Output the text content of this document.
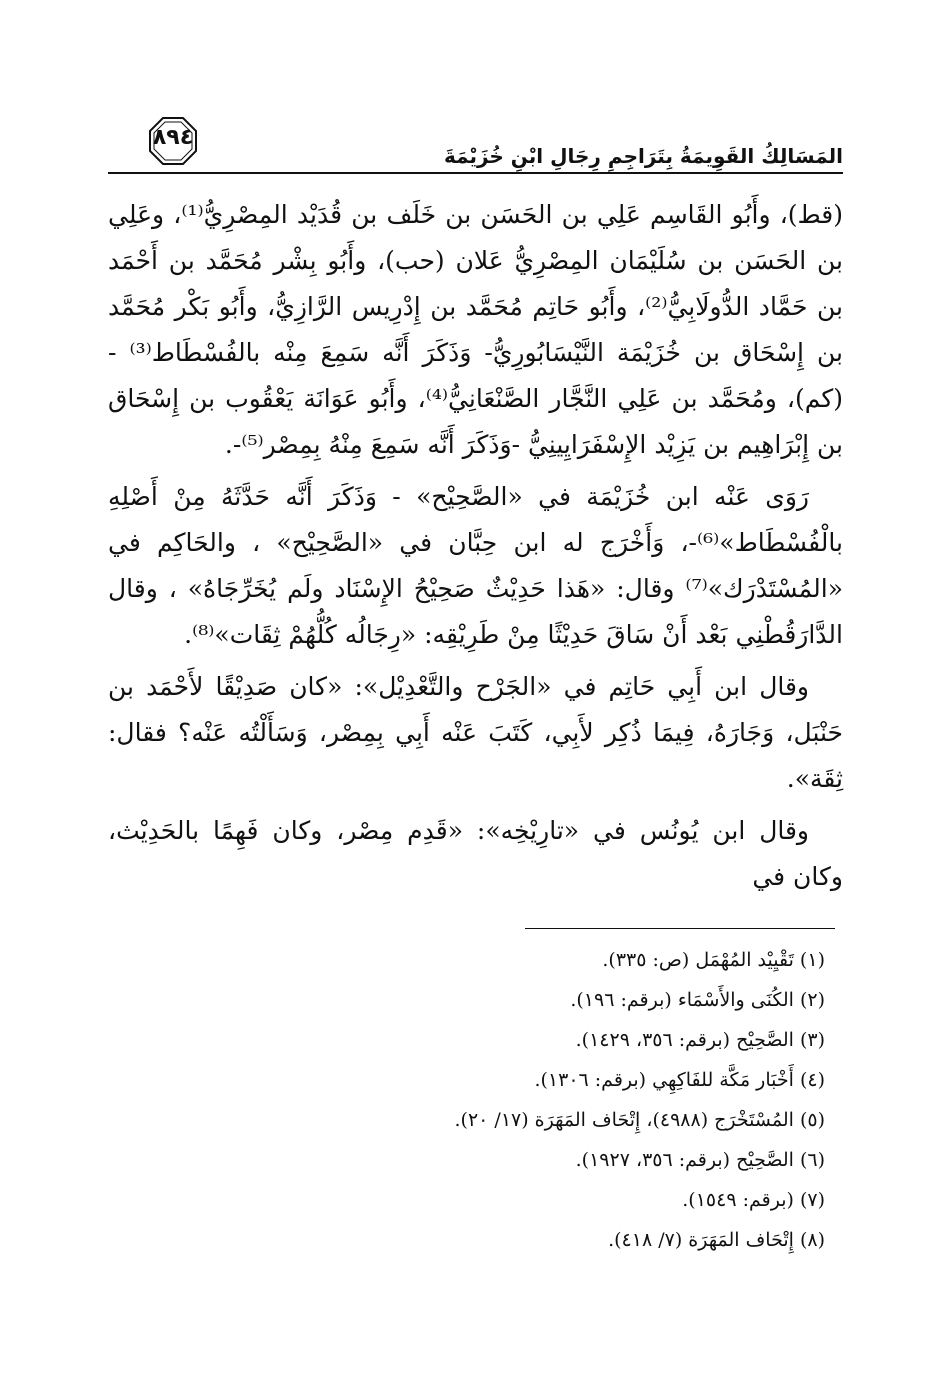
٨٩٤
المَسَالِكُ القَوِيمَةُ بِتَرَاجِمِ رِجَالِ ابْنِ خُزَيْمَةَ

(قط)، وأَبُو القَاسِم عَلِي بن الحَسَن بن خَلَف بن قُدَيْد المِصْرِيُّ⁽¹⁾، وعَلِي بن الحَسَن بن سُلَيْمَان المِصْرِيُّ عَلان (حب)، وأَبُو بِشْر مُحَمَّد بن أَحْمَد بن حَمَّاد الدُّولَابِيُّ⁽²⁾، وأَبُو حَاتِم مُحَمَّد بن إِدْرِيس الرَّازِيُّ، وأَبُو بَكْر مُحَمَّد بن إِسْحَاق بن خُزَيْمَة النَّيْسَابُورِيُّ- وَذَكَرَ أَنَّه سَمِعَ مِنْه بالفُسْطَاط⁽³⁾ -(كم)، ومُحَمَّد بن عَلِي النَّجَّار الصَّنْعَانِيُّ⁽⁴⁾، وأَبُو عَوَانَة يَعْقُوب بن إِسْحَاق بن إِبْرَاهِيم بن يَزِيْد الإِسْفَرَايِينِيُّ -وَذَكَرَ أَنَّه سَمِعَ مِنْهُ بِمِصْر⁽⁵⁾-.

رَوَى عَنْه ابن خُزَيْمَة في «الصَّحِيْح» - وَذَكَرَ أَنَّه حَدَّثَهُ مِنْ أَصْلِهِ بالْفُسْطَاط»⁽⁶⁾-، وَأَخْرَج له ابن حِبَّان في «الصَّحِيْح» ، والحَاكِم في «المُسْتَدْرَك»⁽⁷⁾ وقال: «هَذا حَدِيْثٌ صَحِيْحُ الإِسْنَاد ولَم يُخَرِّجَاهُ» ، وقال الدَّارَقُطْنِي بَعْد أَنْ سَاقَ حَدِيْثًا مِنْ طَرِيْقِه: «رِجَالُه كُلُّهُمْ ثِقَات»⁽⁸⁾.

وقال ابن أَبِي حَاتِم في «الجَرْح والتَّعْدِيْل»: «كان صَدِيْقًا لأَحْمَد بن حَنْبَل، وَجَارَهُ، فِيمَا ذُكِر لأَبِي، كَتَبَ عَنْه أَبِي بِمِصْر، وَسَأَلْتُه عَنْه؟ فقال: ثِقَة».

وقال ابن يُونُس في «تارِيْخِه»: «قَدِم مِصْر، وكان فَهِمًا بالحَدِيْث، وكان في

(١) تَقْيِيْد المُهْمَل (ص: ٣٣٥).
(٢) الكُنَى والأَسْمَاء (برقم: ١٩٦).
(٣) الصَّحِيْح (برقم: ٣٥٦، ١٤٢٩).
(٤) أَخْبَار مَكَّة للفَاكِهِي (برقم: ١٣٠٦).
(٥) المُسْتَخْرَج (٤٩٨٨)، إِتْحَاف المَهَرَة (١٧/ ٢٠).
(٦) الصَّحِيْح (برقم: ٣٥٦، ١٩٢٧).
(٧) (برقم: ١٥٤٩).
(٨) إِتْحَاف المَهَرَة (٧/ ٤١٨).
